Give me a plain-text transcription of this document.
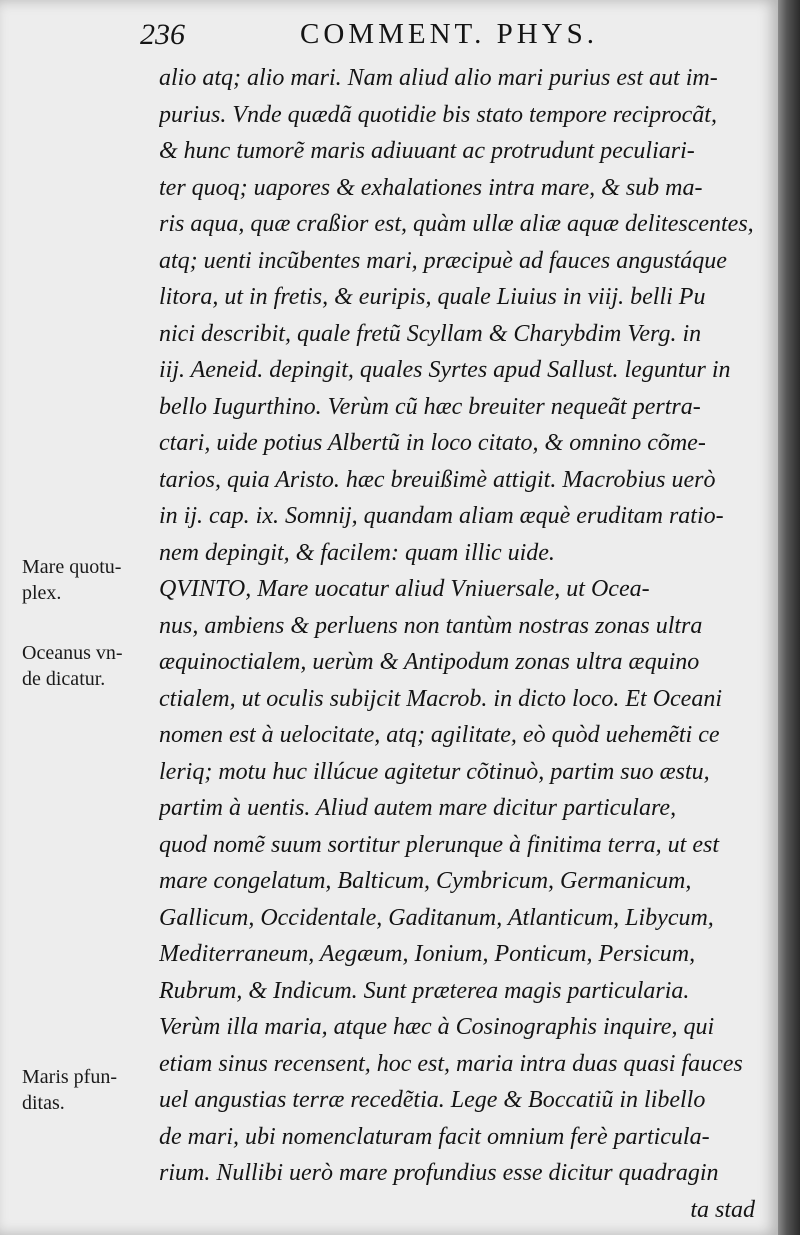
236	COMMENT. PHYS.
Mare quotu-
plex.
Oceanus vn-
de dicatur.
Maris pfun-
ditas.
alio atq; alio mari. Nam aliud alio mari purius est aut im-
purius. Vnde quædã quotidie bis stato tempore reciprocãt,
& hunc tumorẽ maris adiuuant ac protrudunt peculiari-
ter quoq; uapores & exhalationes intra mare, & sub ma-
ris aqua, quæ craßior est, quàm ullæ aliæ aquæ delitescentes,
atq; uenti incũbentes mari, præcipuè ad fauces angustáque
litora, ut in fretis, & euripis, quale Liuius in viij. belli Pu
nici describit, quale fretũ Scyllam & Charybdim Verg. in
iij. Aeneid. depingit, quales Syrtes apud Sallust. leguntur in
bello Iugurthino. Verùm cũ hæc breuiter nequeãt pertra-
ctari, uide potius Albertũ in loco citato, & omnino cõme-
tarios, quia Aristo. hæc breuißimè attigit. Macrobius uerò
in ij. cap. ix. Somnij, quandam aliam æquè eruditam ratio-
nem depingit, & facilem: quam illic uide.
QVINTO, Mare uocatur aliud Vniuersale, ut Ocea-
nus, ambiens & perluens non tantùm nostras zonas ultra
æquinoctialem, uerùm & Antipodum zonas ultra æquino
ctialem, ut oculis subijcit Macrob. in dicto loco. Et Oceani
nomen est à uelocitate, atq; agilitate, eò quòd uehemẽti ce
leriq; motu huc illúcue agitetur cõtinuò, partim suo æstu,
partim à uentis. Aliud autem mare dicitur particulare,
quod nomẽ suum sortitur plerunque à finitima terra, ut est
mare congelatum, Balticum, Cymbricum, Germanicum,
Gallicum, Occidentale, Gaditanum, Atlanticum, Libycum,
Mediterraneum, Aegæum, Ionium, Ponticum, Persicum,
Rubrum, & Indicum. Sunt præterea magis particularia.
Verùm illa maria, atque hæc à Cosinographis inquire, qui
etiam sinus recensent, hoc est, maria intra duas quasi fauces
uel angustias terræ recedẽtia. Lege & Boccatiũ in libello
de mari, ubi nomenclaturam facit omnium ferè particula-
rium. Nullibi uerò mare profundius esse dicitur quadragin
ta stad
